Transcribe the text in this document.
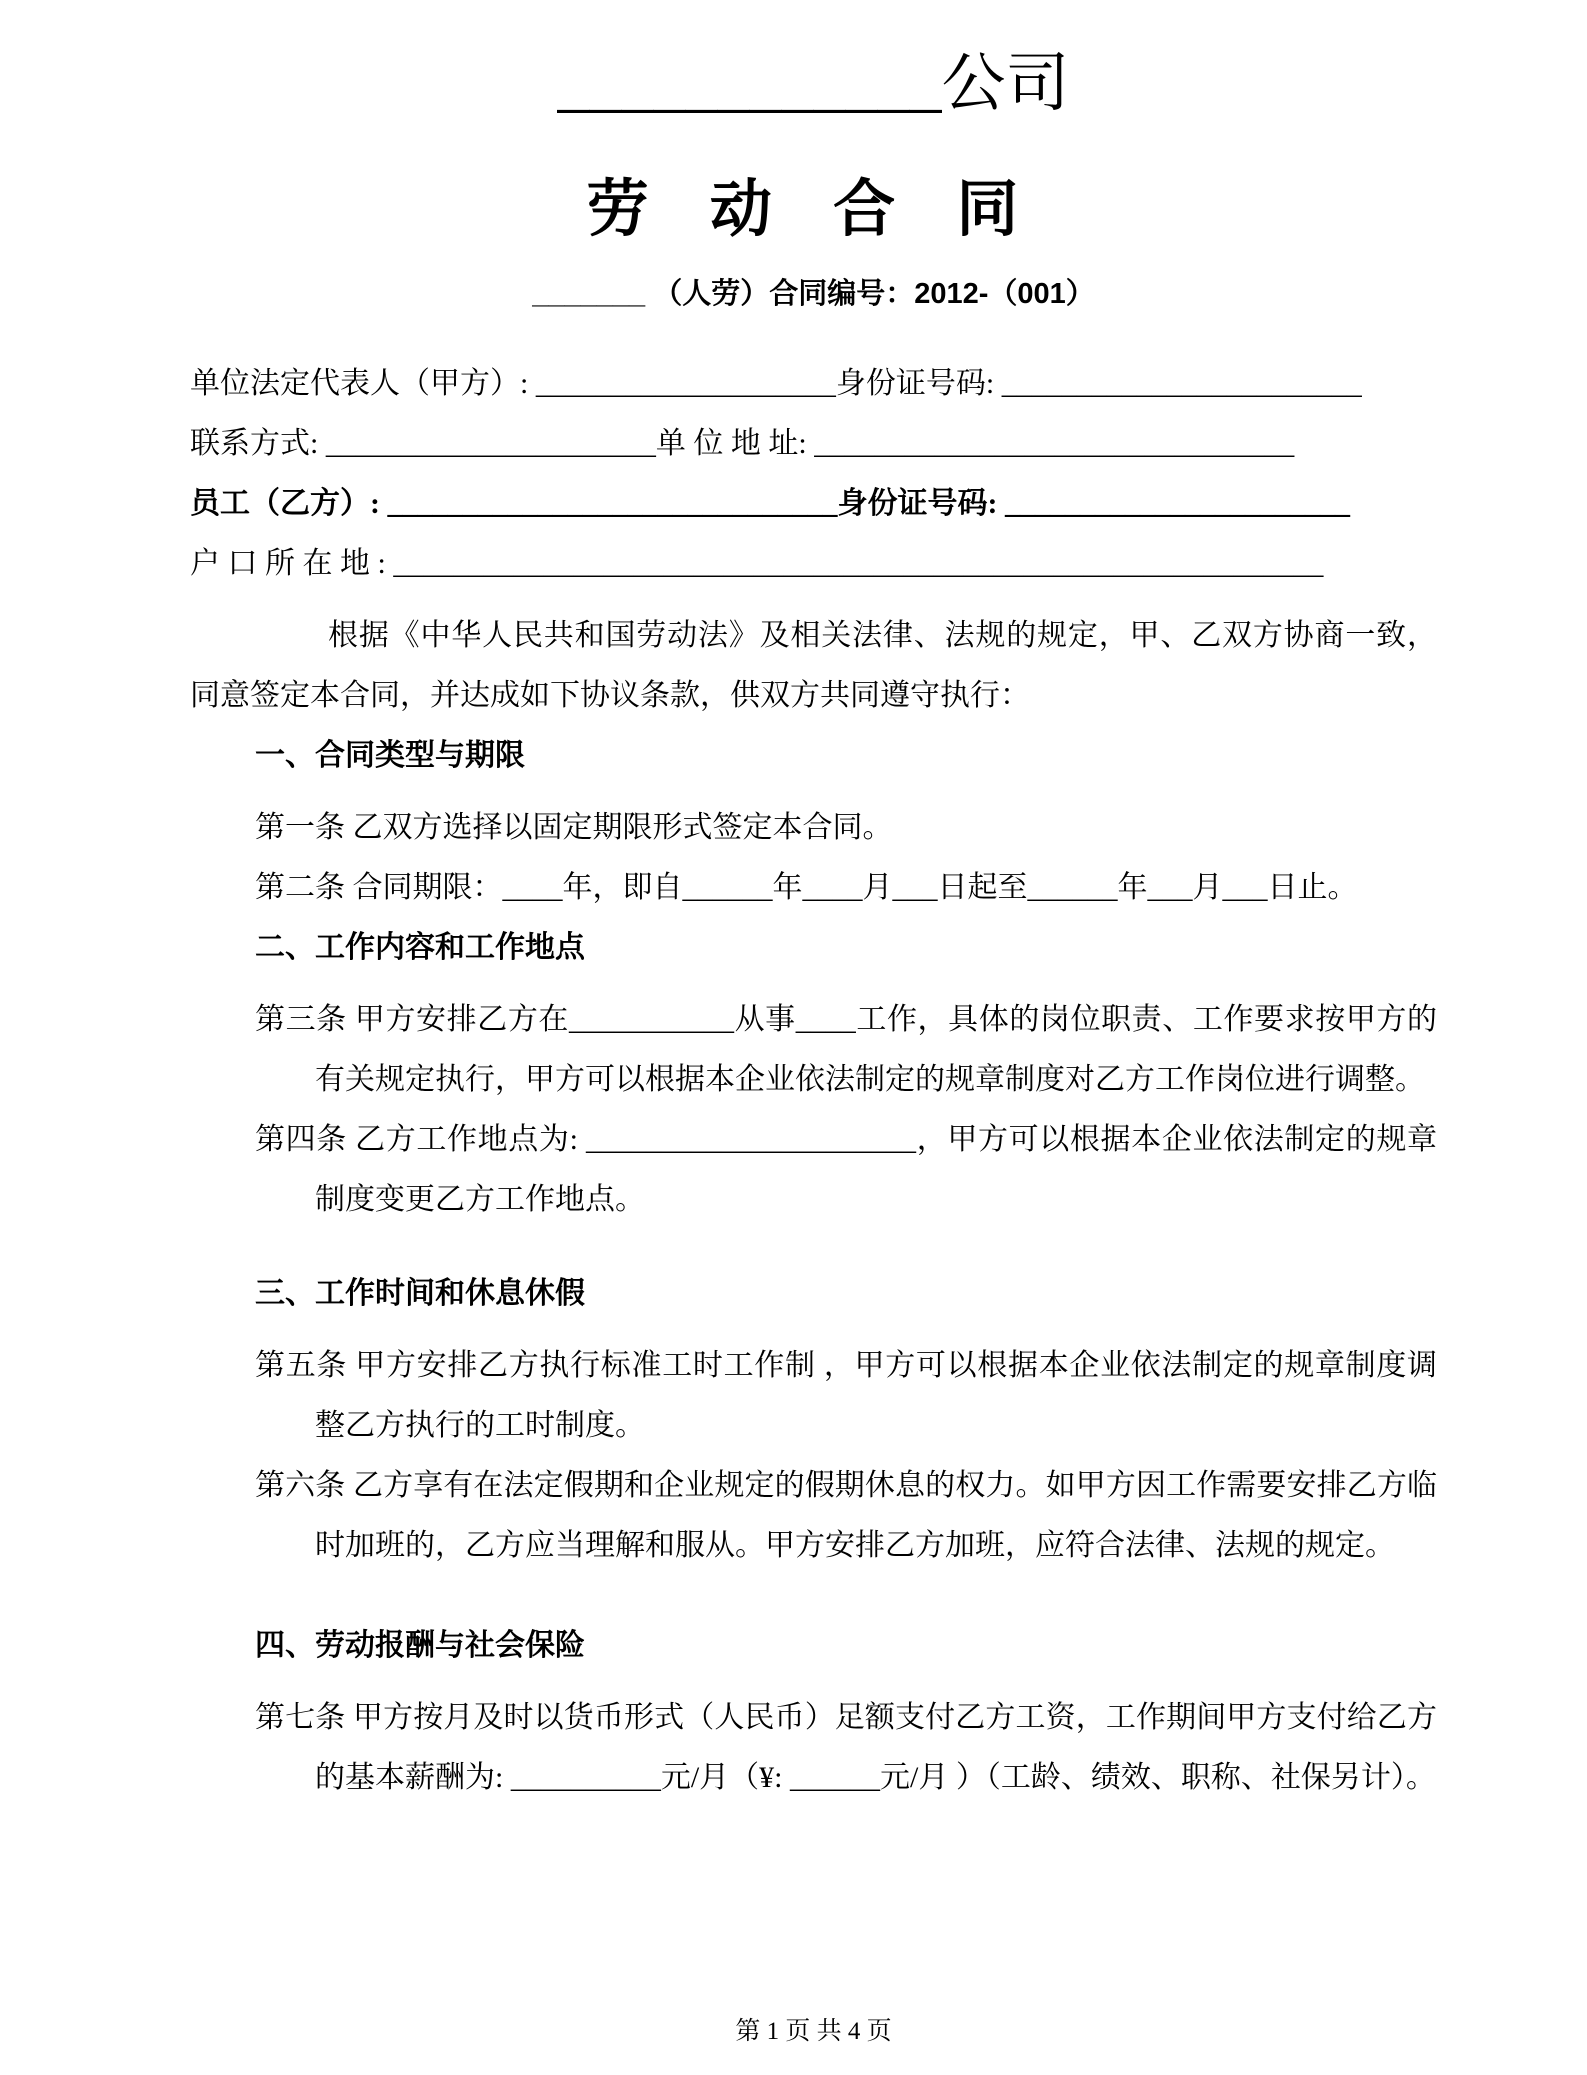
____________公司
劳 动 合 同
_______ （人劳）合同编号：2012-（001）
单位法定代表人（甲方）: ____________________身份证号码: ________________________
联系方式: ______________________单 位 地 址: ________________________________
员工（乙方）: ______________________________身份证号码: _______________________
户 口 所 在 地 : ______________________________________________________________

根据《中华人民共和国劳动法》及相关法律、法规的规定，甲、乙双方协商一致，同意签定本合同，并达成如下协议条款，供双方共同遵守执行：

一、合同类型与期限

第一条 乙双方选择以固定期限形式签定本合同。

第二条 合同期限：____年，即自______年____月___日起至______年___月___日止。

二、工作内容和工作地点

第三条 甲方安排乙方在___________从事____工作，具体的岗位职责、工作要求按甲方的有关规定执行，甲方可以根据本企业依法制定的规章制度对乙方工作岗位进行调整。

第四条 乙方工作地点为: ______________________，甲方可以根据本企业依法制定的规章制度变更乙方工作地点。

三、工作时间和休息休假

第五条 甲方安排乙方执行标准工时工作制 ，甲方可以根据本企业依法制定的规章制度调整乙方执行的工时制度。

第六条 乙方享有在法定假期和企业规定的假期休息的权力。如甲方因工作需要安排乙方临时加班的，乙方应当理解和服从。甲方安排乙方加班，应符合法律、法规的规定。

四、劳动报酬与社会保险

第七条 甲方按月及时以货币形式（人民币）足额支付乙方工资，工作期间甲方支付给乙方的基本薪酬为: __________元/月（¥: ______元/月 ）（工龄、绩效、职称、社保另计）。

第 1 页 共 4 页
